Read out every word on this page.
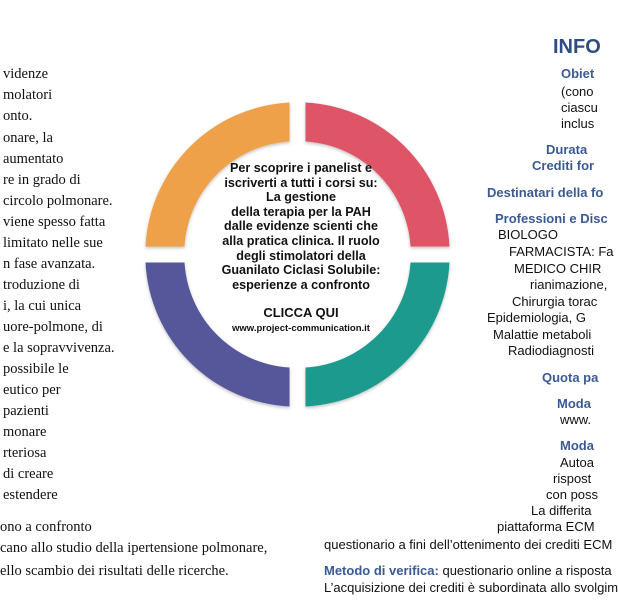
videnze
molatori
onto.
onare, la
aumentato
re in grado di
circolo polmonare.
viene spesso fatta
limitato nelle sue
n fase avanzata.
troduzione di
i, la cui unica
uore-polmone, di
e la sopravvivenza.
possibile le
eutico per
pazienti
monare
rteriosa
di creare
estendere
ono a confronto
cano allo studio della ipertensione polmonare,
ello scambio dei risultati delle ricerche.
Per scoprire i panelist e
iscriverti a tutti i corsi su:
La gestione
della terapia per la PAH
dalle evidenze scienti che
alla pratica clinica. Il ruolo
degli stimolatori della
Guanilato Ciclasi Solubile:
esperienze a confronto
CLICCA QUI
www.project-communication.it
INFO
Obiet
(cono
ciascu
inclus
Durata
Crediti for
Destinatari della fo
Professioni e Disc
BIOLOGO
FARMACISTA: Fa
MEDICO CHIR
rianimazione,
Chirurgia torac
Epidemiologia, G
Malattie metaboli
Radiodiagnosti
Quota pa
Moda
www.
Moda
Autoa
rispost
con poss
La differita
piattaforma ECM
questionario a fini dell’ottenimento dei crediti ECM
Metodo di verifica: questionario online a risposta
L’acquisizione dei crediti è subordinata allo svolgim
